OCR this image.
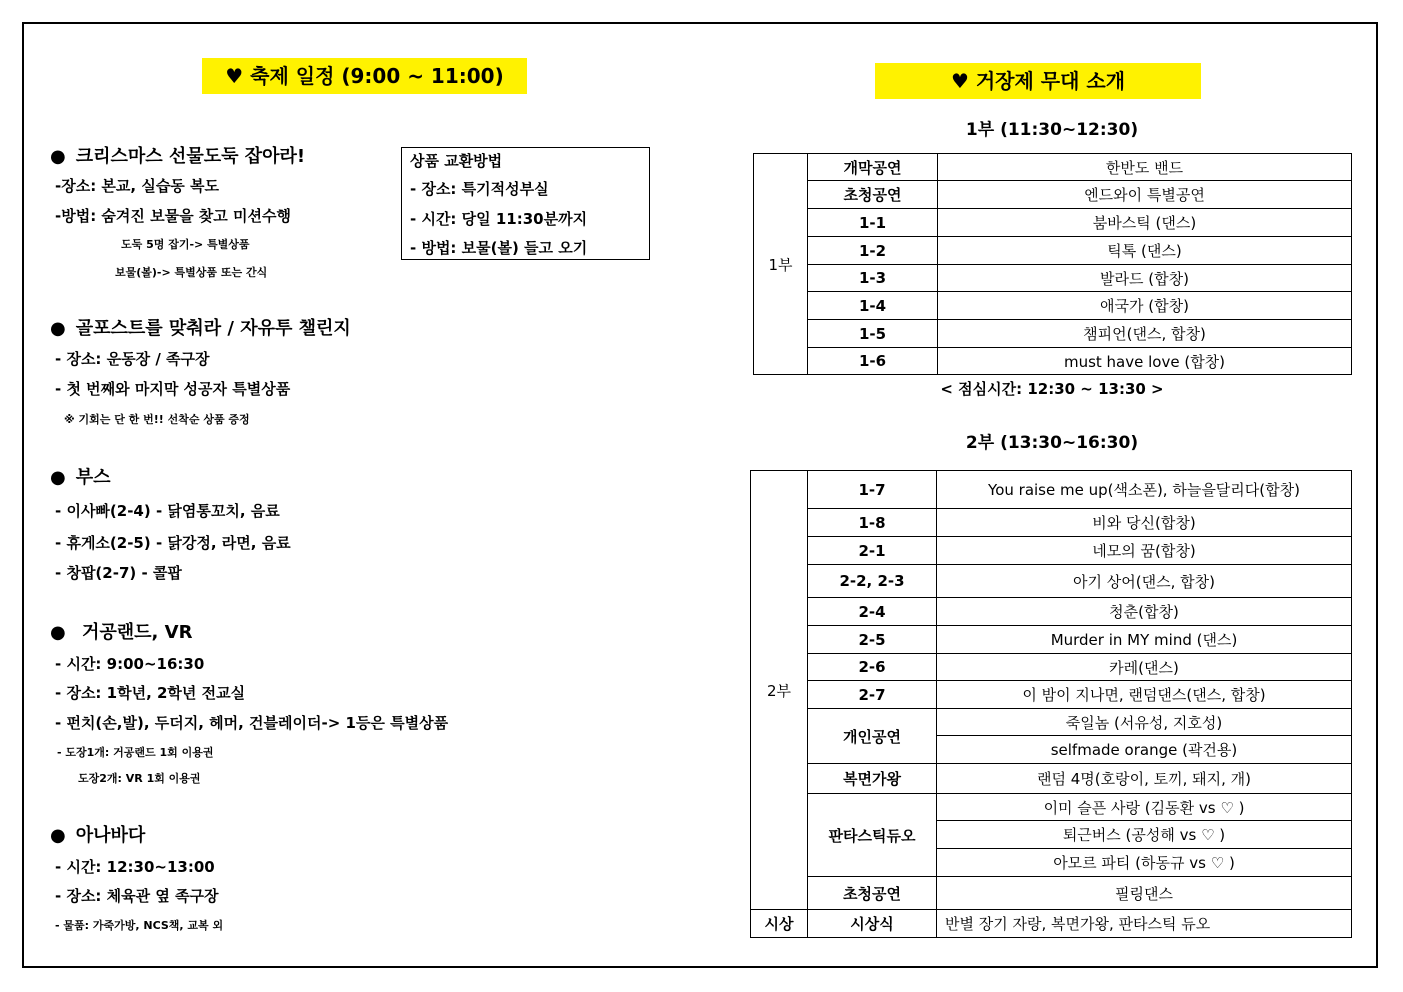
♥ 축제 일정 (9:00 ~ 11:00)
● 크리스마스 선물도둑 잡아라!
-장소: 본교, 실습동 복도
-방법: 숨겨진 보물을 찾고 미션수행
도둑 5명 잡기-> 특별상품
보물(볼)-> 특별상품 또는 간식
상품 교환방법
- 장소: 특기적성부실
- 시간: 당일 11:30분까지
- 방법: 보물(볼) 들고 오기
● 골포스트를 맞춰라 / 자유투 챌린지
- 장소: 운동장 / 족구장
- 첫 번째와 마지막 성공자 특별상품
※ 기회는 단 한 번!! 선착순 상품 증정
● 부스
- 이사빠(2-4) - 닭염통꼬치, 음료
- 휴게소(2-5) - 닭강정, 라면, 음료
- 창팝(2-7) - 콜팝
● 거공랜드, VR
- 시간: 9:00~16:30
- 장소: 1학년, 2학년 전교실
- 펀치(손,발), 두더지, 헤머, 건블레이더-> 1등은 특별상품
- 도장1개: 거공랜드 1회 이용권
도장2개: VR 1회 이용권
● 아나바다
- 시간: 12:30~13:00
- 장소: 체육관 옆 족구장
- 물품: 가죽가방, NCS책, 교복 외
♥ 거장제 무대 소개
1부 (11:30~12:30)
1부	개막공연	한반도 밴드
	초청공연	엔드와이 특별공연
	1-1	붐바스틱 (댄스)
	1-2	틱톡 (댄스)
	1-3	발라드 (합창)
	1-4	애국가 (합창)
	1-5	챔피언(댄스, 합창)
	1-6	must have love (합창)
< 점심시간: 12:30 ~ 13:30 >
2부 (13:30~16:30)
2부	1-7	You raise me up(색소폰), 하늘을달리다(합창)
	1-8	비와 당신(합창)
	2-1	네모의 꿈(합창)
	2-2, 2-3	아기 상어(댄스, 합창)
	2-4	청춘(합창)
	2-5	Murder in MY mind (댄스)
	2-6	카레(댄스)
	2-7	이 밤이 지나면, 랜덤댄스(댄스, 합창)
	개인공연	죽일놈 (서유성, 지호성)
		selfmade orange (곽건용)
	복면가왕	랜덤 4명(호랑이, 토끼, 돼지, 개)
	판타스틱듀오	이미 슬픈 사랑 (김동환 vs ♡ )
		퇴근버스 (공성해 vs ♡ )
		아모르 파티 (하동규 vs ♡ )
	초청공연	필링댄스
시상	시상식	반별 장기 자랑, 복면가왕, 판타스틱 듀오
